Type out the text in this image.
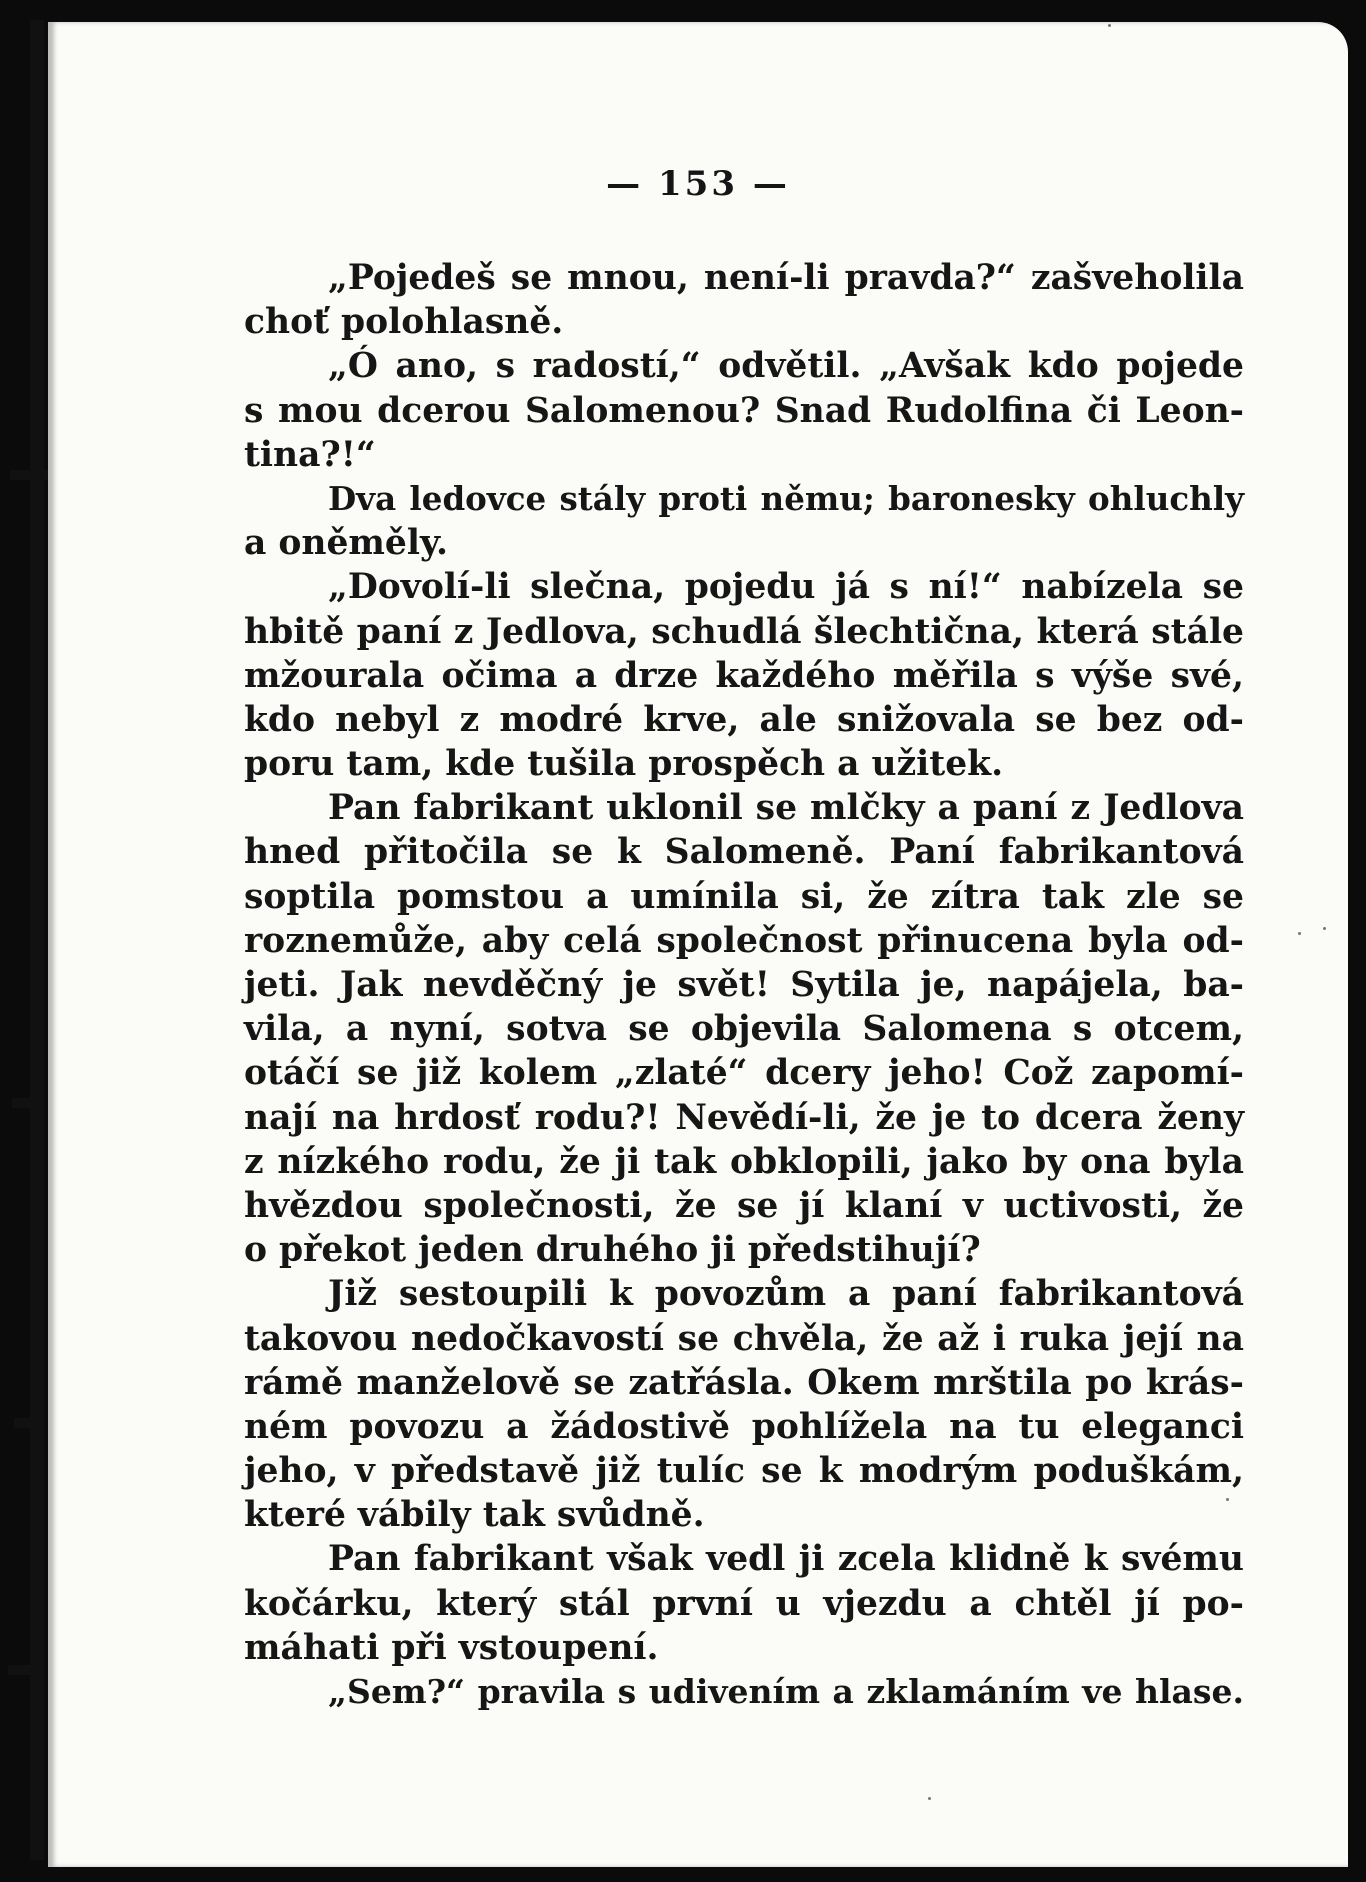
— 153 —
„Pojedeš se mnou, není-li pravda?“ zašveholila
choť polohlasně.
„Ó ano, s radostí,“ odvětil. „Avšak kdo pojede
s mou dcerou Salomenou? Snad Rudolfina či Leon-
tina?!“
Dva ledovce stály proti němu; baronesky ohluchly
a oněměly.
„Dovolí-li slečna, pojedu já s ní!“ nabízela se
hbitě paní z Jedlova, schudlá šlechtična, která stále
mžourala očima a drze každého měřila s výše své,
kdo nebyl z modré krve, ale snižovala se bez od-
poru tam, kde tušila prospěch a užitek.
Pan fabrikant uklonil se mlčky a paní z Jedlova
hned přitočila se k Salomeně. Paní fabrikantová
soptila pomstou a umínila si, že zítra tak zle se
roznemůže, aby celá společnost přinucena byla od-
jeti. Jak nevděčný je svět! Sytila je, napájela, ba-
vila, a nyní, sotva se objevila Salomena s otcem,
otáčí se již kolem „zlaté“ dcery jeho! Což zapomí-
nají na hrdosť rodu?! Nevědí-li, že je to dcera ženy
z nízkého rodu, že ji tak obklopili, jako by ona byla
hvězdou společnosti, že se jí klaní v uctivosti, že
o překot jeden druhého ji předstihují?
Již sestoupili k povozům a paní fabrikantová
takovou nedočkavostí se chvěla, že až i ruka její na
rámě manželově se zatřásla. Okem mrštila po krás-
ném povozu a žádostivě pohlížela na tu eleganci
jeho, v představě již tulíc se k modrým poduškám,
které vábily tak svůdně.
Pan fabrikant však vedl ji zcela klidně k svému
kočárku, který stál první u vjezdu a chtěl jí po-
máhati při vstoupení.
„Sem?“ pravila s udivením a zklamáním ve hlase.
